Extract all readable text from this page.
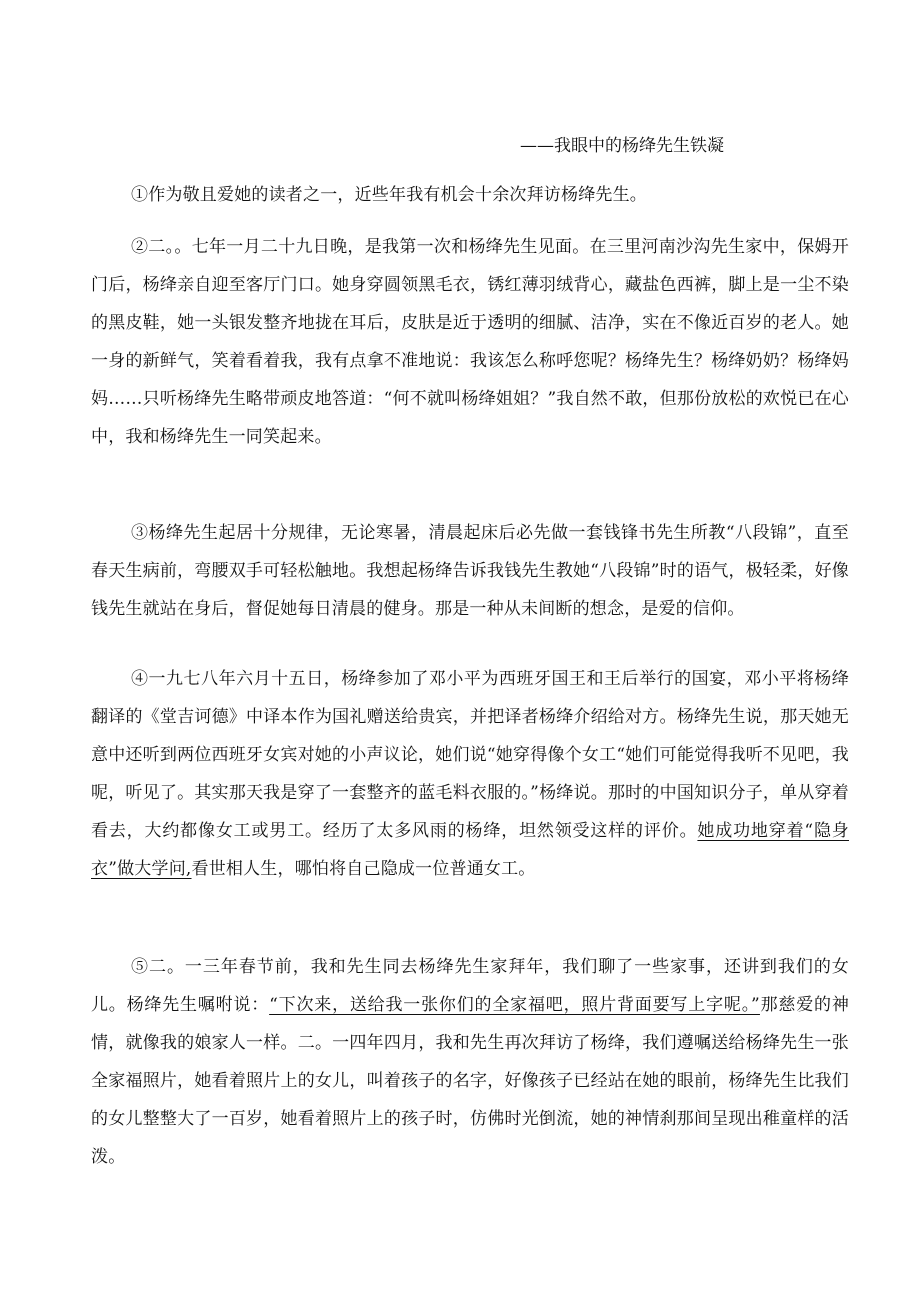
——我眼中的杨绛先生铁凝

①作为敬且爱她的读者之一，近些年我有机会十余次拜访杨绛先生。

②二。。七年一月二十九日晚，是我第一次和杨绛先生见面。在三里河南沙沟先生家中，保姆开门后，杨绛亲自迎至客厅门口。她身穿圆领黑毛衣，锈红薄羽绒背心，藏盐色西裤，脚上是一尘不染的黑皮鞋，她一头银发整齐地拢在耳后，皮肤是近于透明的细腻、洁净，实在不像近百岁的老人。她一身的新鲜气，笑着看着我，我有点拿不准地说：我该怎么称呼您呢？杨绛先生？杨绛奶奶？杨绛妈妈……只听杨绛先生略带顽皮地答道：“何不就叫杨绛姐姐？”我自然不敢，但那份放松的欢悦已在心中，我和杨绛先生一同笑起来。

③杨绛先生起居十分规律，无论寒暑，清晨起床后必先做一套钱锋书先生所教“八段锦”，直至春天生病前，弯腰双手可轻松触地。我想起杨绛告诉我钱先生教她“八段锦”时的语气，极轻柔，好像钱先生就站在身后，督促她每日清晨的健身。那是一种从未间断的想念，是爱的信仰。

④一九七八年六月十五日，杨绛参加了邓小平为西班牙国王和王后举行的国宴，邓小平将杨绛翻译的《堂吉诃德》中译本作为国礼赠送给贵宾，并把译者杨绛介绍给对方。杨绛先生说，那天她无意中还听到两位西班牙女宾对她的小声议论，她们说“她穿得像个女工“她们可能觉得我听不见吧，我呢，听见了。其实那天我是穿了一套整齐的蓝毛料衣服的。”杨绛说。那时的中国知识分子，单从穿着看去，大约都像女工或男工。经历了太多风雨的杨绛，坦然领受这样的评价。她成功地穿着“隐身衣”做大学问,看世相人生，哪怕将自己隐成一位普通女工。

⑤二。一三年春节前，我和先生同去杨绛先生家拜年，我们聊了一些家事，还讲到我们的女儿。杨绛先生嘱咐说：“下次来，送给我一张你们的全家福吧，照片背面要写上字呢。”那慈爱的神情，就像我的娘家人一样。二。一四年四月，我和先生再次拜访了杨绛，我们遵嘱送给杨绛先生一张全家福照片，她看着照片上的女儿，叫着孩子的名字，好像孩子已经站在她的眼前，杨绛先生比我们的女儿整整大了一百岁，她看着照片上的孩子时，仿佛时光倒流，她的神情刹那间呈现出稚童样的活泼。
